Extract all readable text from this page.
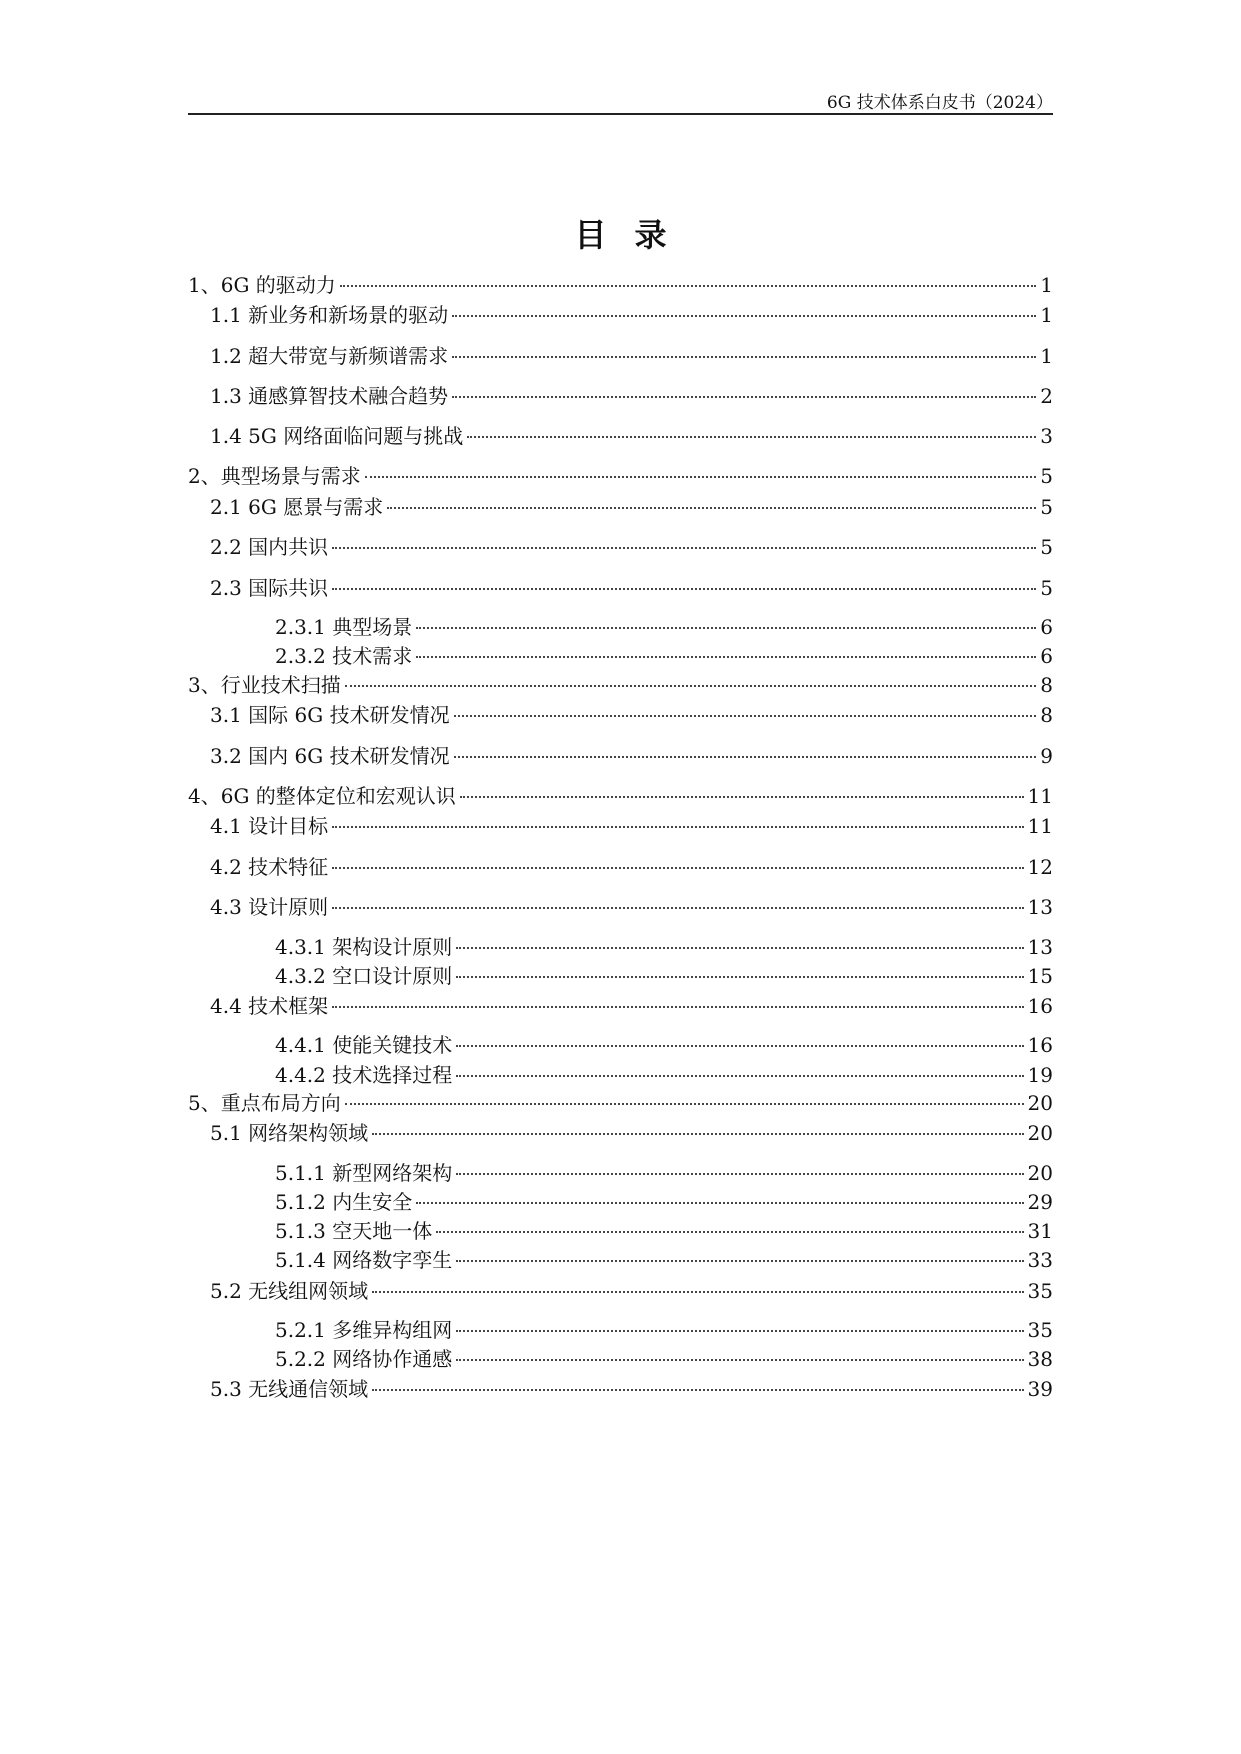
6G 技术体系白皮书（2024）
目录
1、6G 的驱动力	1
1.1 新业务和新场景的驱动	1
1.2 超大带宽与新频谱需求	1
1.3 通感算智技术融合趋势	2
1.4 5G 网络面临问题与挑战	3
2、典型场景与需求	5
2.1 6G 愿景与需求	5
2.2 国内共识	5
2.3 国际共识	5
2.3.1 典型场景	6
2.3.2 技术需求	6
3、行业技术扫描	8
3.1 国际 6G 技术研发情况	8
3.2 国内 6G 技术研发情况	9
4、6G 的整体定位和宏观认识	11
4.1 设计目标	11
4.2 技术特征	12
4.3 设计原则	13
4.3.1 架构设计原则	13
4.3.2 空口设计原则	15
4.4 技术框架	16
4.4.1 使能关键技术	16
4.4.2 技术选择过程	19
5、重点布局方向	20
5.1 网络架构领域	20
5.1.1 新型网络架构	20
5.1.2 内生安全	29
5.1.3 空天地一体	31
5.1.4 网络数字孪生	33
5.2 无线组网领域	35
5.2.1 多维异构组网	35
5.2.2 网络协作通感	38
5.3 无线通信领域	39
